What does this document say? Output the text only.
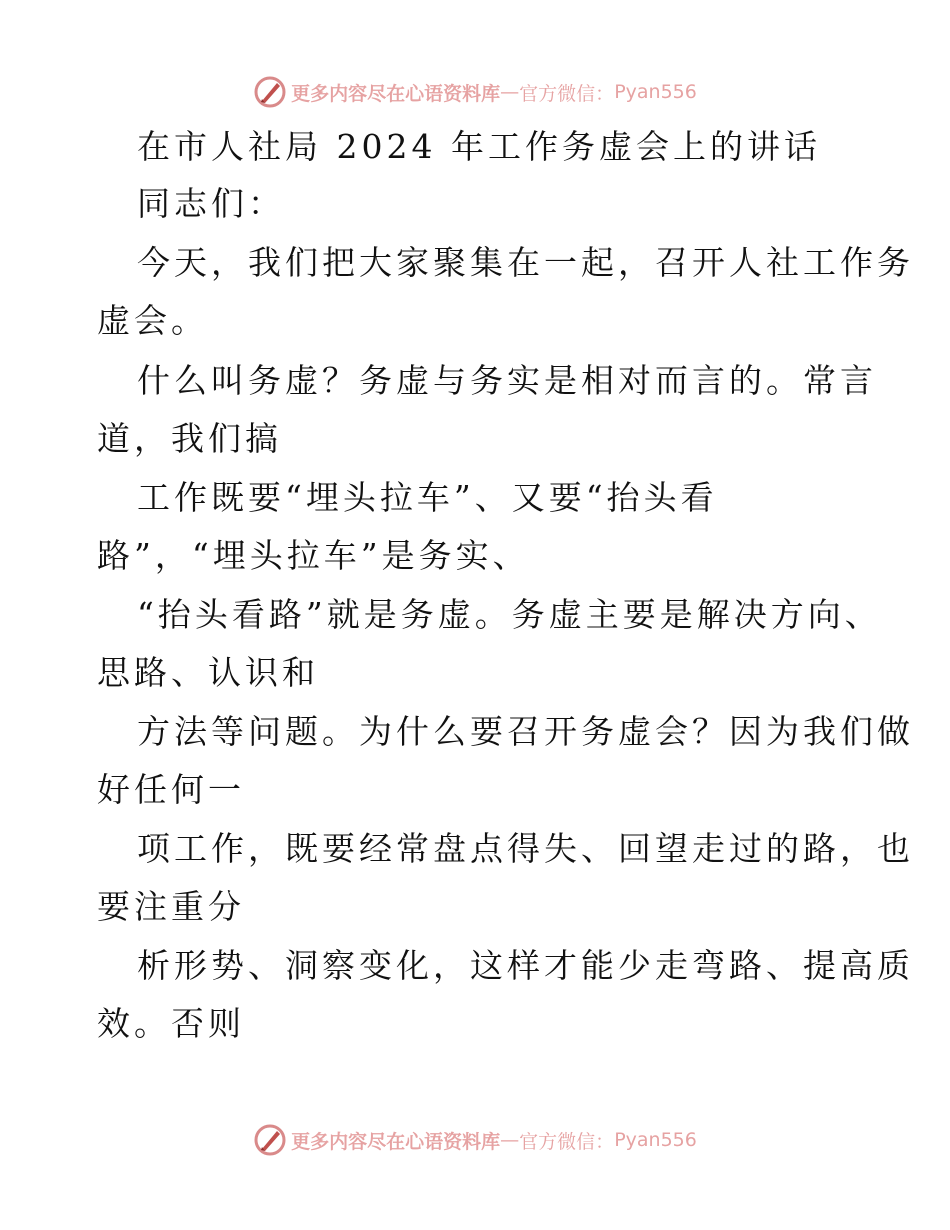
更多内容尽在心语资料库 — 官方微信： Pyan556
在市人社局 2024 年工作务虚会上的讲话
同志们：
今天，我们把大家聚集在一起，召开人社工作务
虚会。
什么叫务虚？务虚与务实是相对而言的。常言
道，我们搞
工作既要“埋头拉车”、又要“抬头看
路”，“埋头拉车”是务实、
“抬头看路”就是务虚。务虚主要是解决方向、
思路、认识和
方法等问题。为什么要召开务虚会？因为我们做
好任何一
项工作，既要经常盘点得失、回望走过的路，也
要注重分
析形势、洞察变化，这样才能少走弯路、提高质
效。否则
更多内容尽在心语资料库 — 官方微信： Pyan556
